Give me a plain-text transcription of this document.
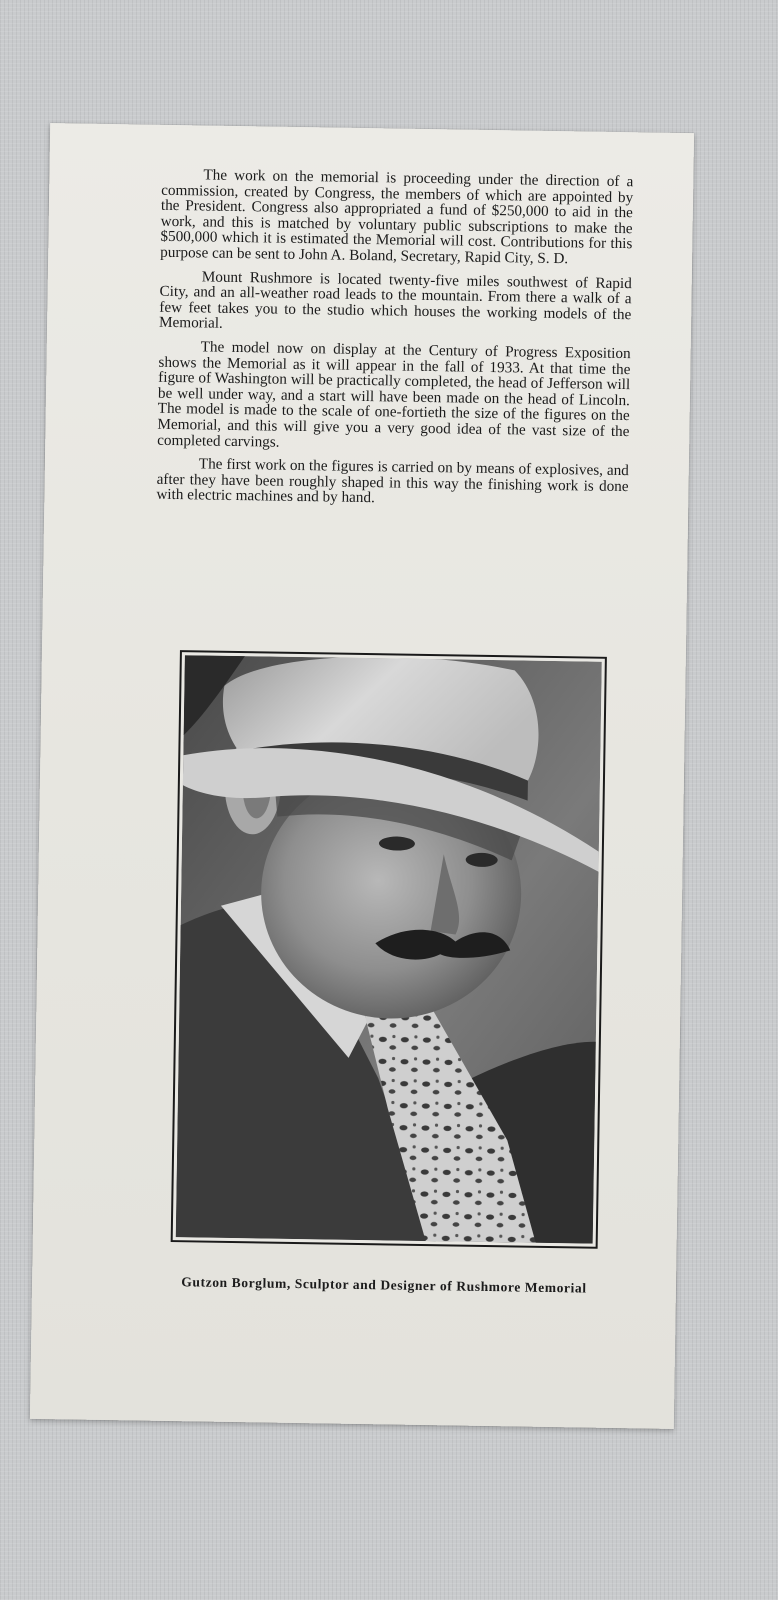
The work on the memorial is proceeding under the direction of a commission, created by Congress, the members of which are appointed by the President. Congress also appropriated a fund of $250,000 to aid in the work, and this is matched by voluntary public subscriptions to make the $500,000 which it is estimated the Memorial will cost. Contributions for this purpose can be sent to John A. Boland, Secretary, Rapid City, S. D.

Mount Rushmore is located twenty-five miles southwest of Rapid City, and an all-weather road leads to the mountain. From there a walk of a few feet takes you to the studio which houses the working models of the Memorial.

The model now on display at the Century of Progress Exposition shows the Memorial as it will appear in the fall of 1933. At that time the figure of Washington will be practically completed, the head of Jefferson will be well under way, and a start will have been made on the head of Lincoln. The model is made to the scale of one-fortieth the size of the figures on the Memorial, and this will give you a very good idea of the vast size of the completed carvings.

The first work on the figures is carried on by means of explosives, and after they have been roughly shaped in this way the finishing work is done with electric machines and by hand.

Gutzon Borglum, Sculptor and Designer of Rushmore Memorial
